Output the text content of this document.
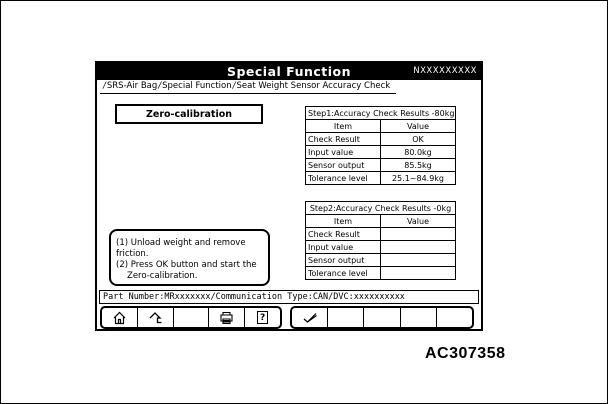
Special Function	NXXXXXXXXX
/SRS-Air Bag/Special Function/Seat Weight Sensor Accuracy Check
Zero-calibration	Step1:Accuracy Check Results -80kg	
Item	Value
Check Result	OK
Input value	80.0kg
Sensor output	85.5kg
Tolerance level	25.1~84.9kg
Step2:Accuracy Check Results -0kg	
Item	Value
Check Result	
Input value	
Sensor output	
Tolerance level	
(1) Unload weight and remove friction.
(2) Press OK button and start the
Zero-calibration.
Part Number:MRxxxxxxx/Communication Type:CAN/DVC:xxxxxxxxxx
?
AC307358
